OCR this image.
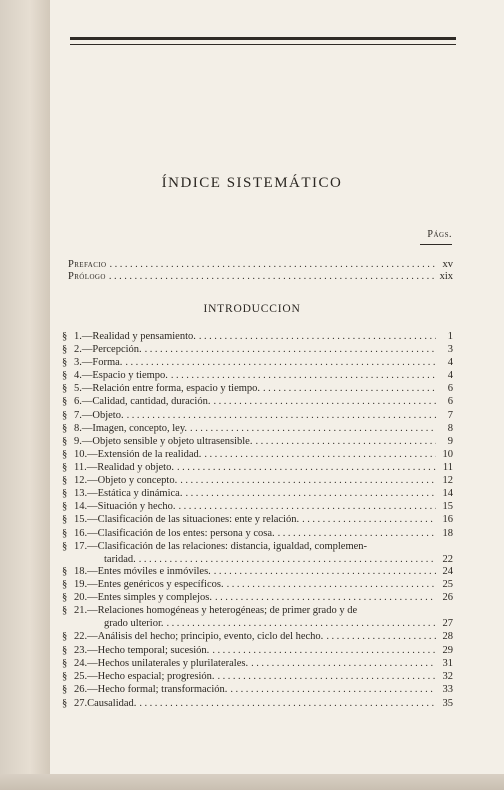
ÍNDICE SISTEMÁTICO
Págs.
Prefacio .....	xv
Prólogo .....	xix
INTRODUCCION
§ 1. —Realidad y pensamiento. .....	1
§ 2. —Percepción. .....	3
§ 3. —Forma. .....	4
§ 4. —Espacio y tiempo. .....	4
§ 5. —Relación entre forma, espacio y tiempo. .....	6
§ 6. —Calidad, cantidad, duración. .....	6
§ 7. —Objeto. .....	7
§ 8. —Imagen, concepto, ley. .....	8
§ 9. —Objeto sensible y objeto ultrasensible. .....	9
§ 10. —Extensión de la realidad. .....	10
§ 11. —Realidad y objeto. .....	11
§ 12. —Objeto y concepto. .....	12
§ 13. —Estática y dinámica. .....	14
§ 14. —Situación y hecho. .....	15
§ 15. —Clasificación de las situaciones: ente y relación. .....	16
§ 16. —Clasificación de los entes: persona y cosa. .....	18
§ 17. —Clasificación de las relaciones: distancia, igualdad, complemen-
taridad. .....	22
§ 18. —Entes móviles e inmóviles. .....	24
§ 19. —Entes genéricos y específicos. .....	25
§ 20. —Entes simples y complejos. .....	26
§ 21. —Relaciones homogéneas y heterogéneas; de primer grado y de
grado ulterior. .....	27
§ 22. —Análisis del hecho; principio, evento, ciclo del hecho. .....	28
§ 23. —Hecho temporal; sucesión. .....	29
§ 24. —Hechos unilaterales y plurilaterales. .....	31
§ 25. —Hecho espacial; progresión. .....	32
§ 26. —Hecho formal; transformación. .....	33
§ 27. Causalidad. .....	35
